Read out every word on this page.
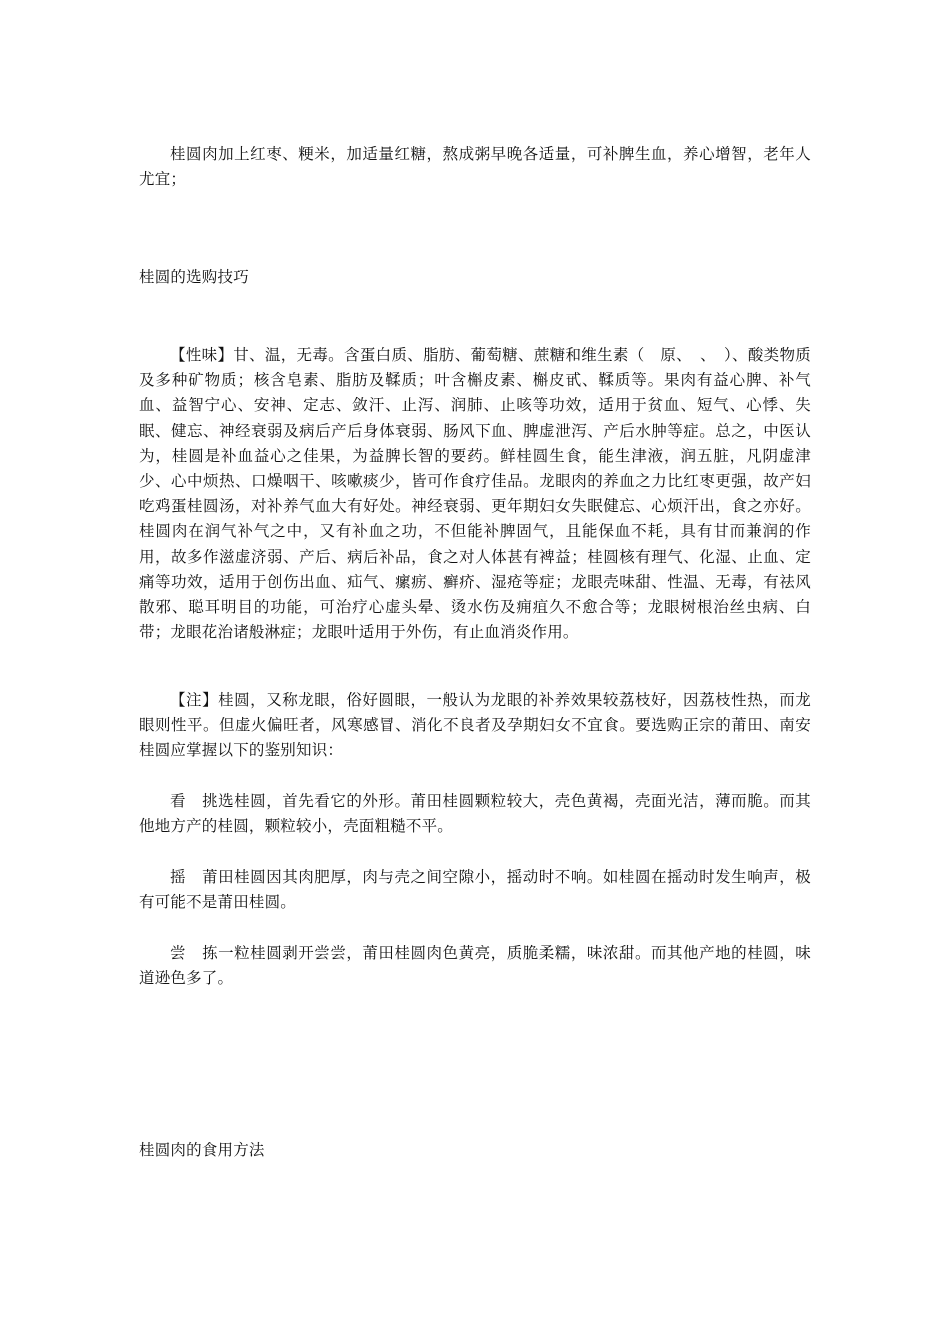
桂圆肉加上红枣、粳米，加适量红糖，熬成粥早晚各适量，可补脾生血，养心增智，老年人尤宜；

桂圆的选购技巧

【性味】甘、温，无毒。含蛋白质、脂肪、葡萄糖、蔗糖和维生素（　原、　、　）、酸类物质及多种矿物质；核含皂素、脂肪及鞣质；叶含槲皮素、槲皮甙、鞣质等。果肉有益心脾、补气血、益智宁心、安神、定志、敛汗、止泻、润肺、止咳等功效，适用于贫血、短气、心悸、失眠、健忘、神经衰弱及病后产后身体衰弱、肠风下血、脾虚泄泻、产后水肿等症。总之，中医认为，桂圆是补血益心之佳果，为益脾长智的要药。鲜桂圆生食，能生津液，润五脏，凡阴虚津少、心中烦热、口燥咽干、咳嗽痰少，皆可作食疗佳品。龙眼肉的养血之力比红枣更强，故产妇吃鸡蛋桂圆汤，对补养气血大有好处。神经衰弱、更年期妇女失眠健忘、心烦汗出，食之亦好。桂圆肉在润气补气之中，又有补血之功，不但能补脾固气，且能保血不耗，具有甘而兼润的作用，故多作滋虚济弱、产后、病后补品，食之对人体甚有裨益；桂圆核有理气、化湿、止血、定痛等功效，适用于创伤出血、疝气、瘰疬、癣疥、湿疮等症；龙眼壳味甜、性温、无毒，有祛风散邪、聪耳明目的功能，可治疗心虚头晕、烫水伤及痈疽久不愈合等；龙眼树根治丝虫病、白带；龙眼花治诸般淋症；龙眼叶适用于外伤，有止血消炎作用。

【注】桂圆，又称龙眼，俗好圆眼，一般认为龙眼的补养效果较荔枝好，因荔枝性热，而龙眼则性平。但虚火偏旺者，风寒感冒、消化不良者及孕期妇女不宜食。要选购正宗的莆田、南安桂圆应掌握以下的鉴别知识：

看　挑选桂圆，首先看它的外形。莆田桂圆颗粒较大，壳色黄褐，壳面光洁，薄而脆。而其他地方产的桂圆，颗粒较小，壳面粗糙不平。

摇　莆田桂圆因其肉肥厚，肉与壳之间空隙小，摇动时不响。如桂圆在摇动时发生响声，极有可能不是莆田桂圆。

尝　拣一粒桂圆剥开尝尝，莆田桂圆肉色黄亮，质脆柔糯，味浓甜。而其他产地的桂圆，味道逊色多了。

桂圆肉的食用方法
